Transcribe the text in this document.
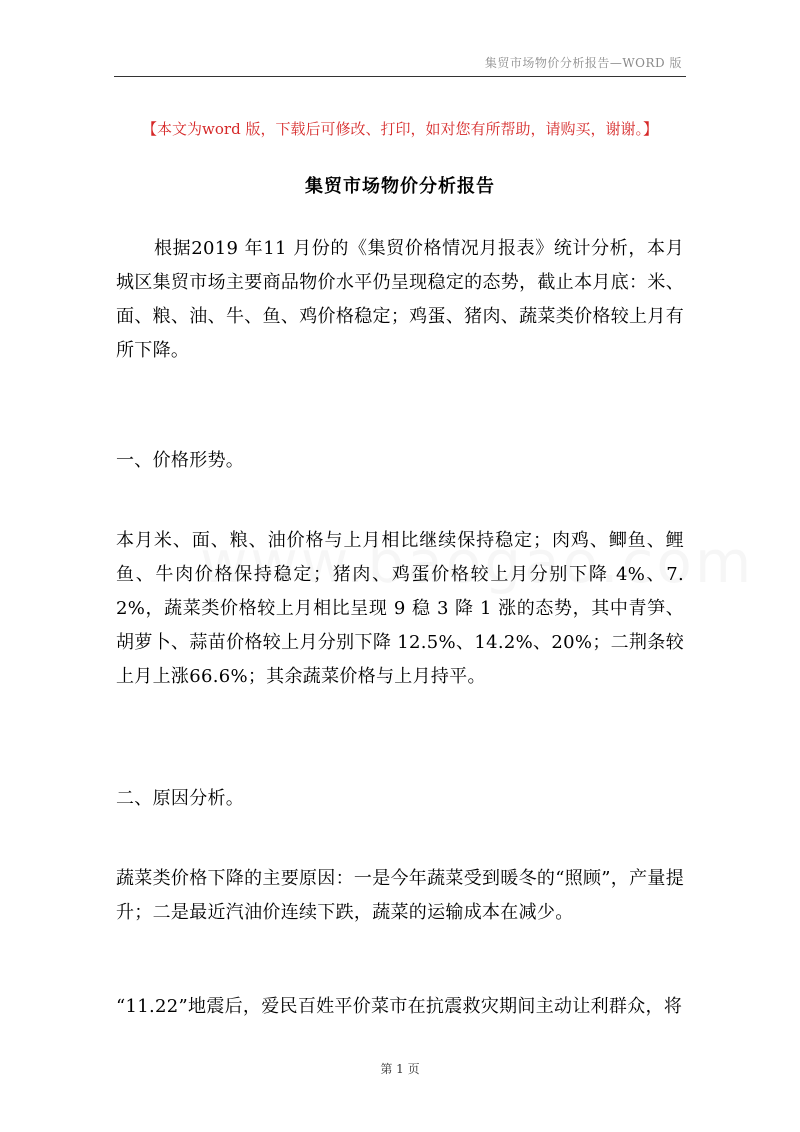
集贸市场物价分析报告—WORD 版
【本文为word 版，下载后可修改、打印，如对您有所帮助，请购买，谢谢。】
集贸市场物价分析报告
根据2019 年11 月份的《集贸价格情况月报表》统计分析，本月城区集贸市场主要商品物价水平仍呈现稳定的态势，截止本月底：米、面、粮、油、牛、鱼、鸡价格稳定；鸡蛋、猪肉、蔬菜类价格较上月有所下降。
一、价格形势。
本月米、面、粮、油价格与上月相比继续保持稳定；肉鸡、鲫鱼、鲤鱼、牛肉价格保持稳定；猪肉、鸡蛋价格较上月分别下降 4%、7.2%，蔬菜类价格较上月相比呈现 9 稳 3 降 1 涨的态势，其中青笋、胡萝卜、蒜苗价格较上月分别下降 12.5%、14.2%、20%；二荆条较上月上涨66.6%；其余蔬菜价格与上月持平。
二、原因分析。
蔬菜类价格下降的主要原因：一是今年蔬菜受到暖冬的“照顾”，产量提升；二是最近汽油价连续下跌，蔬菜的运输成本在减少。
“11.22”地震后，爱民百姓平价菜市在抗震救灾期间主动让利群众，将
第 1 页
